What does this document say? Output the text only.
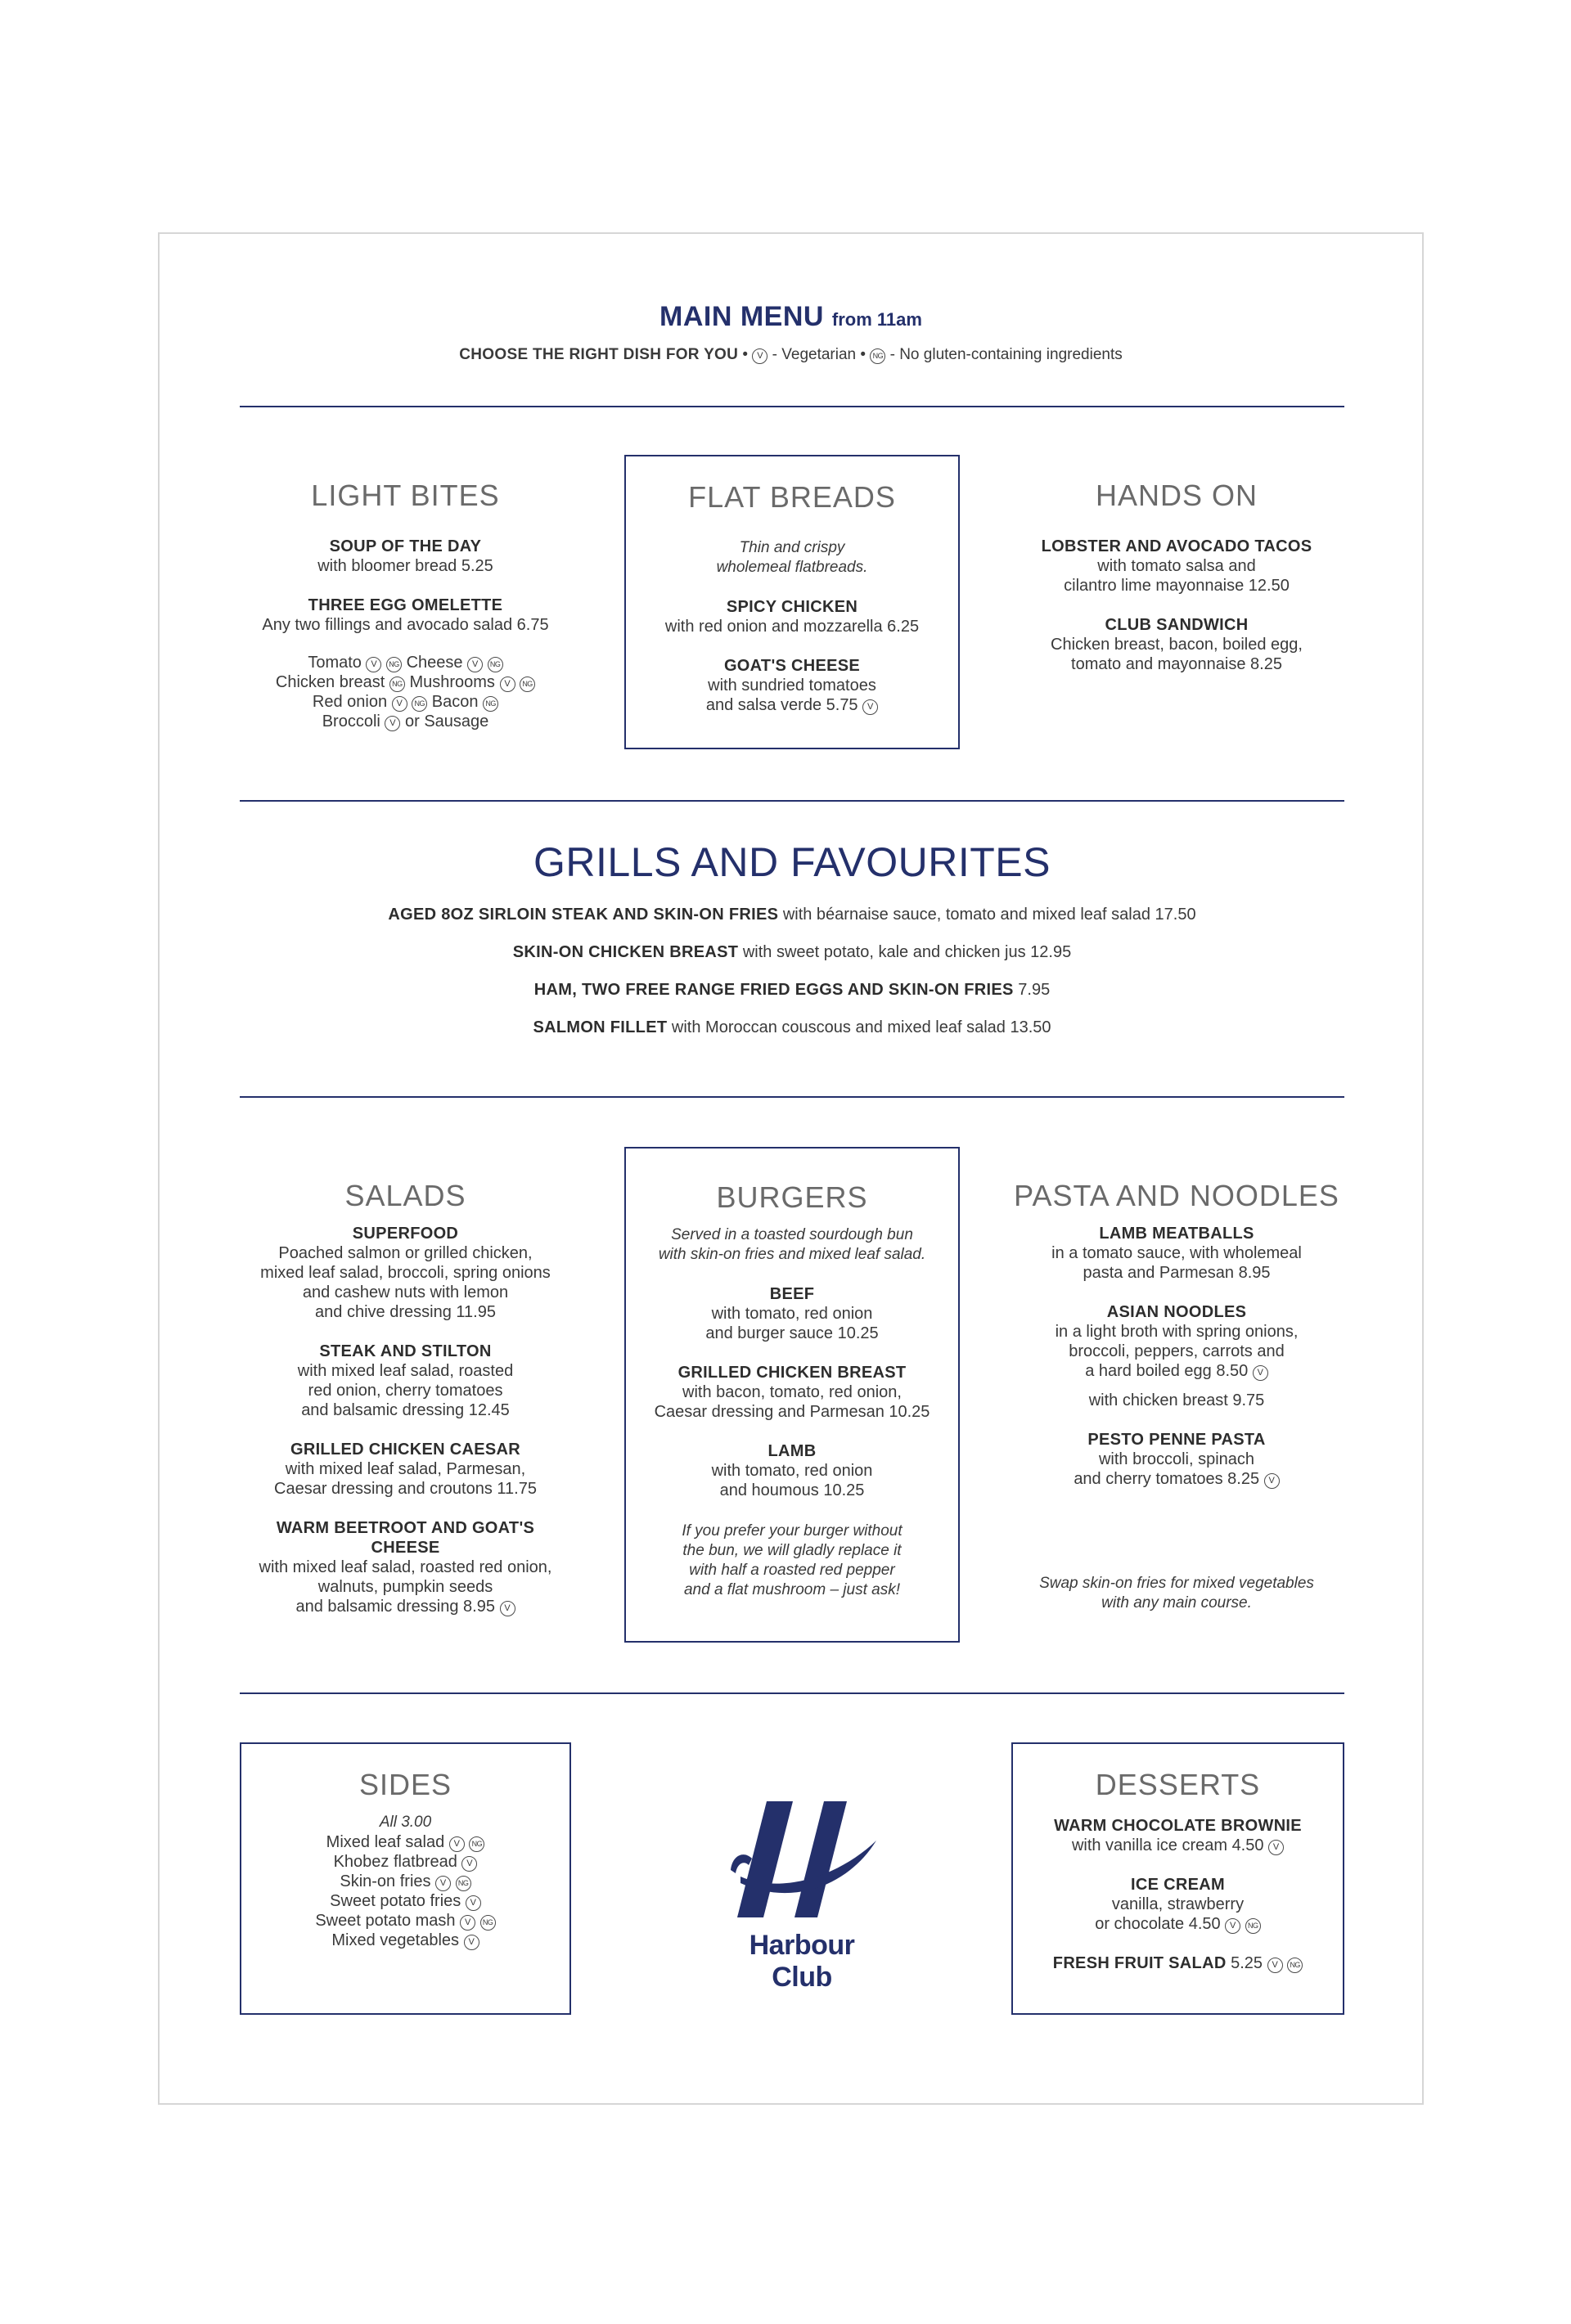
MAIN MENU from 11am
CHOOSE THE RIGHT DISH FOR YOU • V - Vegetarian • NG - No gluten-containing ingredients
LIGHT BITES
SOUP OF THE DAY
with bloomer bread 5.25
THREE EGG OMELETTE
Any two fillings and avocado salad 6.75
Tomato V NG Cheese V NG
Chicken breast NG Mushrooms V NG
Red onion V NG Bacon NG
Broccoli V or Sausage
FLAT BREADS
Thin and crispy
wholemeal flatbreads.
SPICY CHICKEN
with red onion and mozzarella 6.25
GOAT'S CHEESE
with sundried tomatoes
and salsa verde 5.75 V
HANDS ON
LOBSTER AND AVOCADO TACOS
with tomato salsa and
cilantro lime mayonnaise 12.50
CLUB SANDWICH
Chicken breast, bacon, boiled egg,
tomato and mayonnaise 8.25
GRILLS AND FAVOURITES
AGED 8OZ SIRLOIN STEAK AND SKIN-ON FRIES with béarnaise sauce, tomato and mixed leaf salad 17.50
SKIN-ON CHICKEN BREAST with sweet potato, kale and chicken jus 12.95
HAM, TWO FREE RANGE FRIED EGGS AND SKIN-ON FRIES 7.95
SALMON FILLET with Moroccan couscous and mixed leaf salad 13.50
SALADS
SUPERFOOD
Poached salmon or grilled chicken,
mixed leaf salad, broccoli, spring onions
and cashew nuts with lemon
and chive dressing 11.95
STEAK AND STILTON
with mixed leaf salad, roasted
red onion, cherry tomatoes
and balsamic dressing 12.45
GRILLED CHICKEN CAESAR
with mixed leaf salad, Parmesan,
Caesar dressing and croutons 11.75
WARM BEETROOT AND GOAT'S CHEESE
with mixed leaf salad, roasted red onion,
walnuts, pumpkin seeds
and balsamic dressing 8.95 V
BURGERS
Served in a toasted sourdough bun
with skin-on fries and mixed leaf salad.
BEEF
with tomato, red onion
and burger sauce 10.25
GRILLED CHICKEN BREAST
with bacon, tomato, red onion,
Caesar dressing and Parmesan 10.25
LAMB
with tomato, red onion
and houmous 10.25
If you prefer your burger without
the bun, we will gladly replace it
with half a roasted red pepper
and a flat mushroom – just ask!
PASTA AND NOODLES
LAMB MEATBALLS
in a tomato sauce, with wholemeal
pasta and Parmesan 8.95
ASIAN NOODLES
in a light broth with spring onions,
broccoli, peppers, carrots and
a hard boiled egg 8.50 V
with chicken breast 9.75
PESTO PENNE PASTA
with broccoli, spinach
and cherry tomatoes 8.25 V
Swap skin-on fries for mixed vegetables
with any main course.
SIDES
All 3.00
Mixed leaf salad V NG
Khobez flatbread V
Skin-on fries V NG
Sweet potato fries V
Sweet potato mash V NG
Mixed vegetables V
DESSERTS
WARM CHOCOLATE BROWNIE
with vanilla ice cream 4.50 V
ICE CREAM
vanilla, strawberry
or chocolate 4.50 V NG
FRESH FRUIT SALAD 5.25 V NG
Harbour Club
